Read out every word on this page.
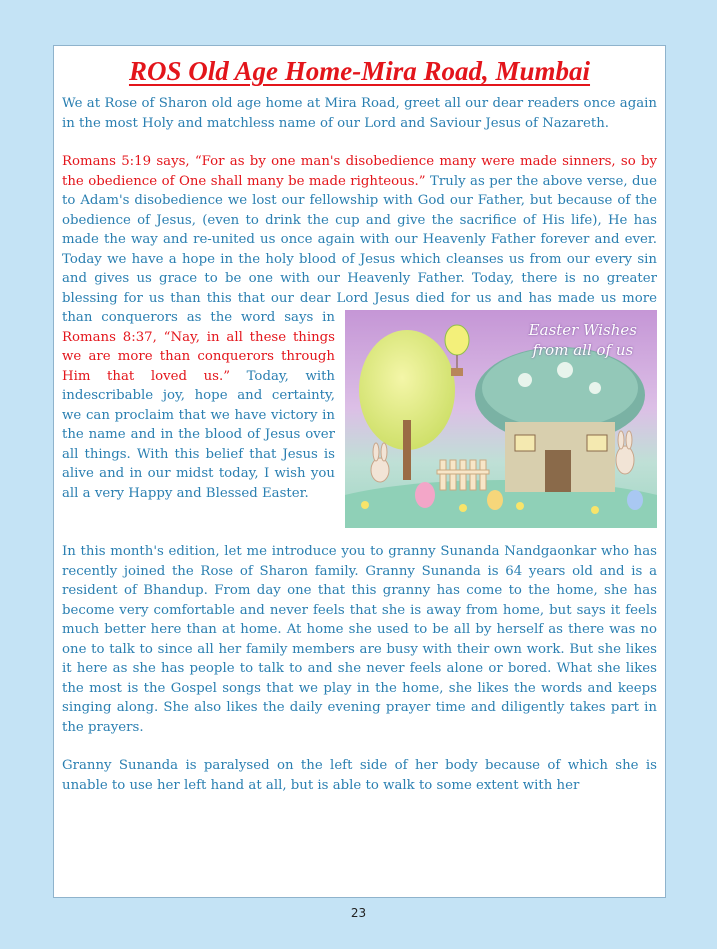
ROS Old Age Home-Mira Road, Mumbai

We at Rose of Sharon old age home at Mira Road, greet all our dear readers once again in the most Holy and matchless name of our Lord and Saviour Jesus of Nazareth.

Romans 5:19 says, “For as by one man's disobedience many were made sinners, so by the obedience of One shall many be made righteous.” Truly as per the above verse, due to Adam's disobedience we lost our fellowship with God our Father, but because of the obedience of Jesus, (even to drink the cup and give the sacrifice of His life), He has made the way and re-united us once again with our Heavenly Father forever and ever. Today we have a hope in the holy blood of Jesus which cleanses us from our every sin and gives us grace to be one with our Heavenly Father. Today, there is no greater blessing for us than this that our dear Lord Jesus died for us and has made us more than conquerors as the word says in
Easter Wishes
from all of us
Romans 8:37, “Nay, in all these things we are more than conquerors through Him that loved us.” Today, with indescribable joy, hope and certainty, we can proclaim that we have victory in the name and in the blood of Jesus over all things. With this belief that Jesus is alive and in our midst today, I wish you all a very Happy and Blessed Easter.

In this month's edition, let me introduce you to granny Sunanda Nandgaonkar who has recently joined the Rose of Sharon family. Granny Sunanda is 64 years old and is a resident of Bhandup. From day one that this granny has come to the home, she has become very comfortable and never feels that she is away from home, but says it feels much better here than at home. At home she used to be all by herself as there was no one to talk to since all her family members are busy with their own work. But she likes it here as she has people to talk to and she never feels alone or bored. What she likes the most is the Gospel songs that we play in the home, she likes the words and keeps singing along. She also likes the daily evening prayer time and diligently takes part in the prayers.

Granny Sunanda is paralysed on the left side of her body because of which she is unable to use her left hand at all, but is able to walk to some extent with her

23
